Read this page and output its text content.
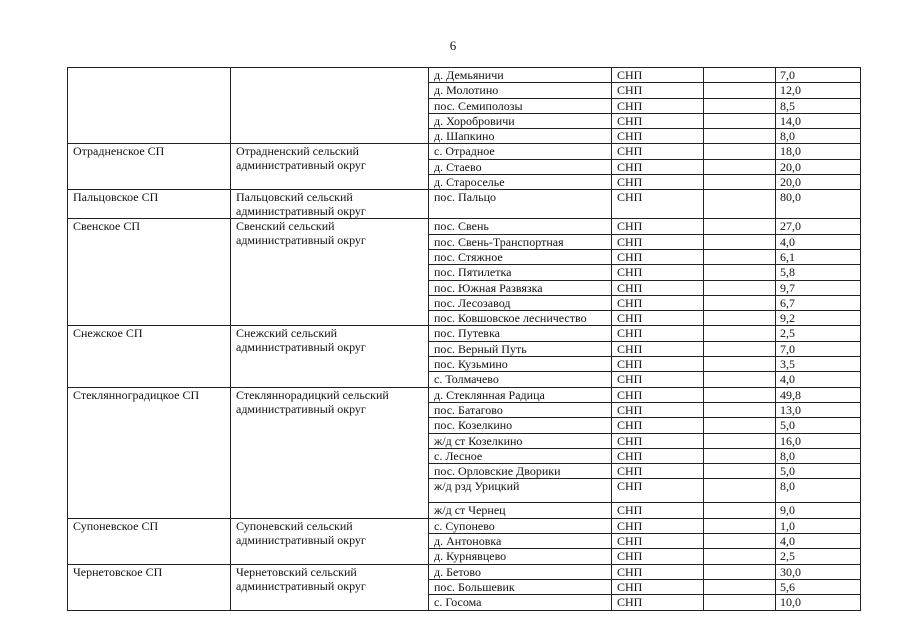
6
		д. Демьяничи	СНП		7,0
		д. Молотино	СНП		12,0
		пос. Семиполозы	СНП		8,5
		д. Хоробровичи	СНП		14,0
		д. Шапкино	СНП		8,0
Отрадненское СП	Отрадненский сельский административный округ	с. Отрадное	СНП		18,0
		д. Стаево	СНП		20,0
		д. Староселье	СНП		20,0
Пальцовское СП	Пальцовский сельский административный округ	пос. Пальцо	СНП		80,0
Свенское СП	Свенский сельский административный округ	пос. Свень	СНП		27,0
		пос. Свень-Транспортная	СНП		4,0
		пос. Стяжное	СНП		6,1
		пос. Пятилетка	СНП		5,8
		пос. Южная Развязка	СНП		9,7
		пос. Лесозавод	СНП		6,7
		пос. Ковшовское лесничество	СНП		9,2
Снежское СП	Снежский сельский административный округ	пос. Путевка	СНП		2,5
		пос. Верный Путь	СНП		7,0
		пос. Кузьмино	СНП		3,5
		с. Толмачево	СНП		4,0
Стеклянноградицкое СП	Стекляннорадицкий сельский административный округ	д. Стеклянная Радица	СНП		49,8
		пос. Батагово	СНП		13,0
		пос. Козелкино	СНП		5,0
		ж/д ст Козелкино	СНП		16,0
		с. Лесное	СНП		8,0
		пос. Орловские Дворики	СНП		5,0
		ж/д рзд Урицкий	СНП		8,0
		ж/д ст Чернец	СНП		9,0
Супоневское СП	Супоневский сельский административный округ	с. Супонево	СНП		1,0
		д. Антоновка	СНП		4,0
		д. Курнявцево	СНП		2,5
Чернетовское СП	Чернетовский сельский административный округ	д. Бетово	СНП		30,0
		пос. Большевик	СНП		5,6
		с. Госома	СНП		10,0
